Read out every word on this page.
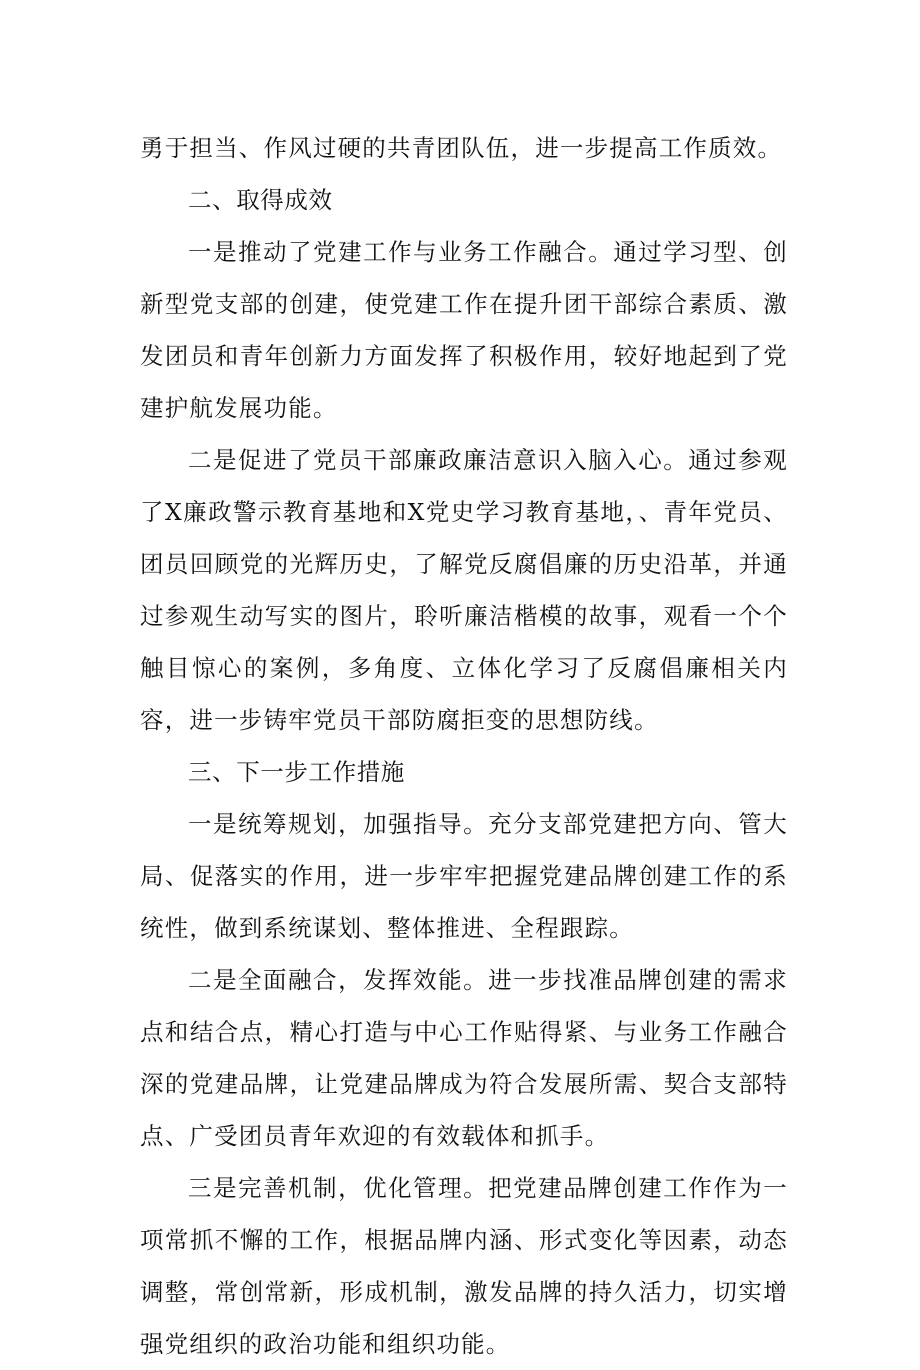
勇于担当、作风过硬的共青团队伍，进一步提高工作质效。

二、取得成效

一是推动了党建工作与业务工作融合。通过学习型、创新型党支部的创建，使党建工作在提升团干部综合素质、激发团员和青年创新力方面发挥了积极作用，较好地起到了党建护航发展功能。

二是促进了党员干部廉政廉洁意识入脑入心。通过参观了X廉政警示教育基地和X党史学习教育基地，、青年党员、团员回顾党的光辉历史，了解党反腐倡廉的历史沿革，并通过参观生动写实的图片，聆听廉洁楷模的故事，观看一个个触目惊心的案例，多角度、立体化学习了反腐倡廉相关内容，进一步铸牢党员干部防腐拒变的思想防线。

三、下一步工作措施

一是统筹规划，加强指导。充分支部党建把方向、管大局、促落实的作用，进一步牢牢把握党建品牌创建工作的系统性，做到系统谋划、整体推进、全程跟踪。

二是全面融合，发挥效能。进一步找准品牌创建的需求点和结合点，精心打造与中心工作贴得紧、与业务工作融合深的党建品牌，让党建品牌成为符合发展所需、契合支部特点、广受团员青年欢迎的有效载体和抓手。

三是完善机制，优化管理。把党建品牌创建工作作为一项常抓不懈的工作，根据品牌内涵、形式变化等因素，动态调整，常创常新，形成机制，激发品牌的持久活力，切实增强党组织的政治功能和组织功能。
